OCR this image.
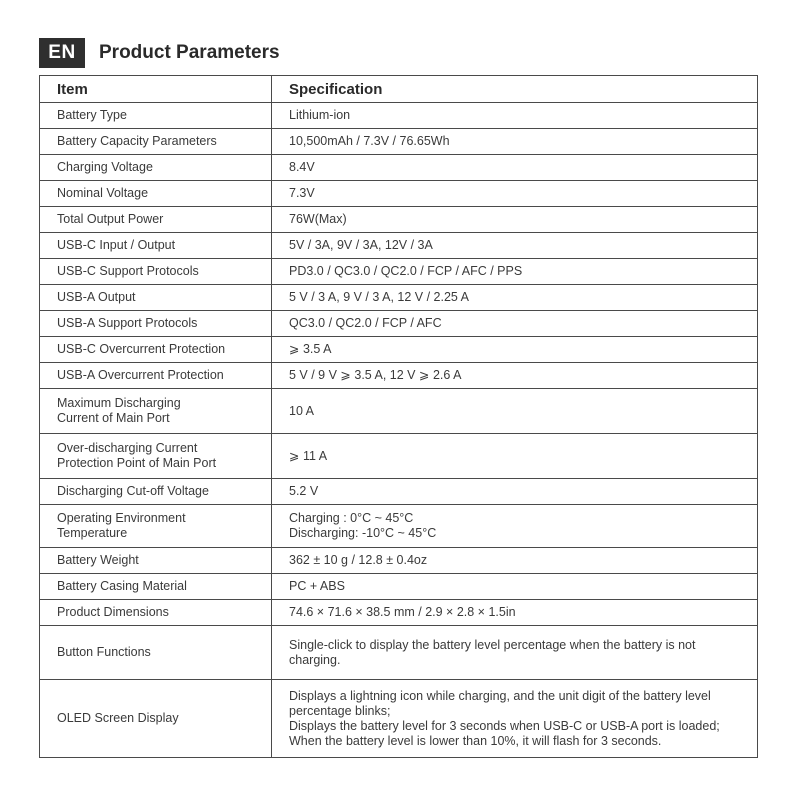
EN	Product Parameters
Item	Specification
Battery Type	Lithium-ion
Battery Capacity Parameters	10,500mAh / 7.3V / 76.65Wh
Charging Voltage	8.4V
Nominal Voltage	7.3V
Total Output Power	76W(Max)
USB-C Input / Output	5V / 3A, 9V / 3A, 12V / 3A
USB-C Support Protocols	PD3.0 / QC3.0 / QC2.0 / FCP / AFC / PPS
USB-A Output	5 V / 3 A, 9 V / 3 A, 12 V / 2.25 A
USB-A Support Protocols	QC3.0 / QC2.0 / FCP / AFC
USB-C Overcurrent Protection	⩾ 3.5 A
USB-A Overcurrent Protection	5 V / 9 V ⩾ 3.5 A, 12 V ⩾ 2.6 A
Maximum Discharging
Current of Main Port	10 A
Over-discharging Current
Protection Point of Main Port	⩾ 11 A
Discharging Cut-off Voltage	5.2 V
Operating Environment
Temperature	Charging : 0°C ~ 45°C
Discharging: -10°C ~ 45°C
Battery Weight	362 ± 10 g / 12.8 ± 0.4oz
Battery Casing Material	PC + ABS
Product Dimensions	74.6 × 71.6 × 38.5 mm / 2.9 × 2.8 × 1.5in
Button Functions	Single-click to display the battery level percentage when the battery is not
charging.
OLED Screen Display	Displays a lightning icon while charging, and the unit digit of the battery level
percentage blinks;
Displays the battery level for 3 seconds when USB-C or USB-A port is loaded;
When the battery level is lower than 10%, it will flash for 3 seconds.
